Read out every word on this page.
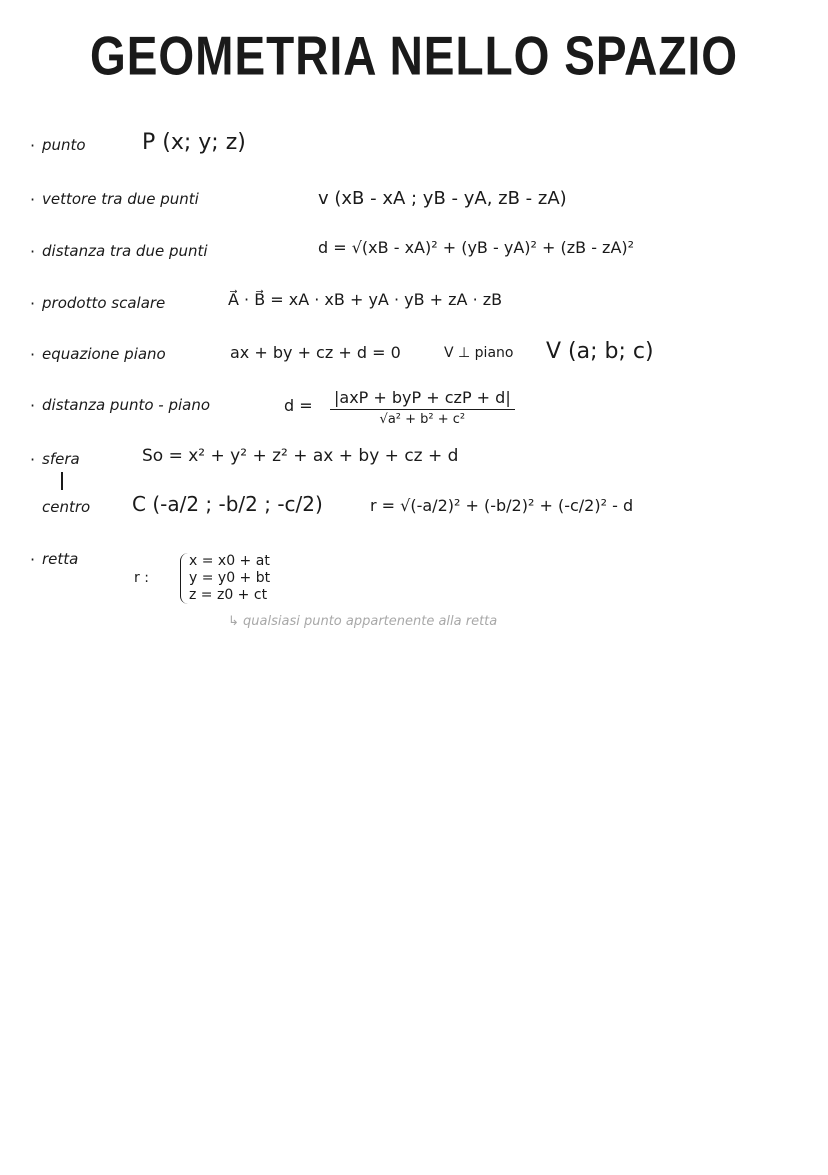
GEOMETRIA NELLO SPAZIO
· punto	P (x; y; z)
· vettore tra due punti	v (xB - xA ; yB - yA, zB - zA)
· distanza tra due punti	d = √(xB - xA)² + (yB - yA)² + (zB - zA)²
· prodotto scalare	A⃗ · B⃗ = xA · xB + yA · yB + zA · zB
· equazione piano	ax + by + cz + d = 0	V ⊥ piano V (a; b; c)
· distanza punto - piano	$d = \frac{\text{|axP + byP + czP + d|}}{\text{√a² + b² + c²}}$
· sfera	So = x² + y² + z² + ax + by + cz + d
centro C (-a/2 ; -b/2 ; -c/2)	r = √(-a/2)² + (-b/2)² + (-c/2)² - d
· retta
r :
x = x0 + at
y = y0 + bt
z = z0 + ct
↳ qualsiasi punto appartenente alla retta
